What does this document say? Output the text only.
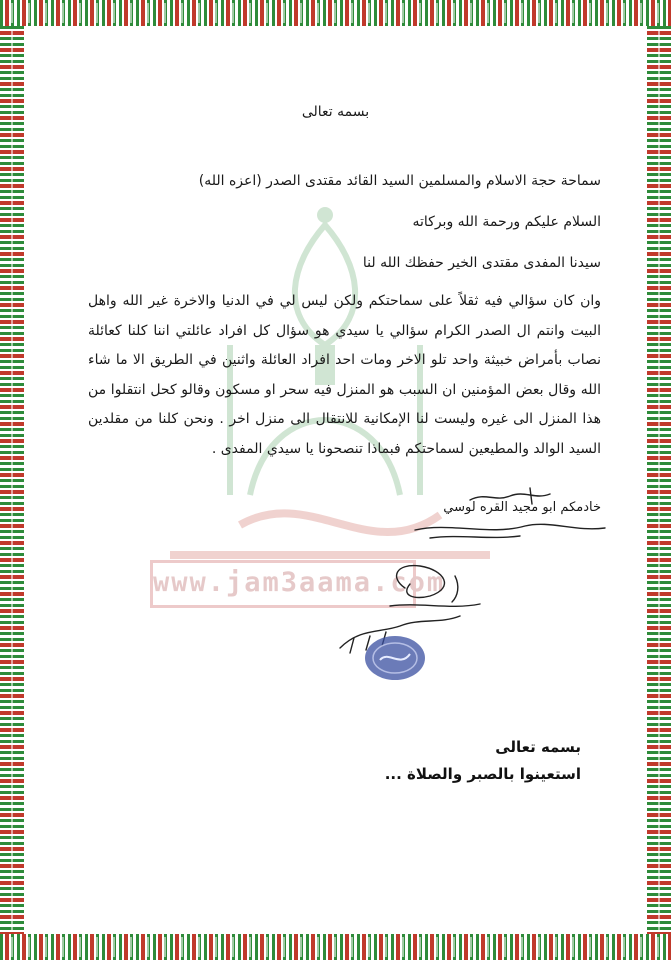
www.jam3aama.com
بسمه تعالى
سماحة حجة الاسلام والمسلمين السيد القائد مقتدى الصدر (اعزه الله)
السلام عليكم ورحمة الله وبركاته
سيدنا المفدى مقتدى الخير حفظك الله لنا
وان كان سؤالي فيه ثقلاً على سماحتكم ولكن ليس لي في الدنيا والاخرة غير الله واهل البيت وانتم ال الصدر الكرام سؤالي يا سيدي هو سؤال كل افراد عائلتي اننا كلنا كعائلة نصاب بأمراض خبيثة واحد تلو الاخر ومات احد افراد العائلة واثنين في الطريق الا ما شاء الله وقال بعض المؤمنين ان السبب هو المنزل فيه سحر او مسكون وقالو كحل انتقلوا من هذا المنزل الى غيره وليست لنا الإمكانية للانتقال الى منزل اخر . ونحن كلنا من مقلدين السيد الوالد والمطيعين لسماحتكم فبماذا تنصحونا يا سيدي المفدى .
خادمكم ابو مجيد القره لوسي
بسمه تعالى
استعينوا بالصبر والصلاة ...
